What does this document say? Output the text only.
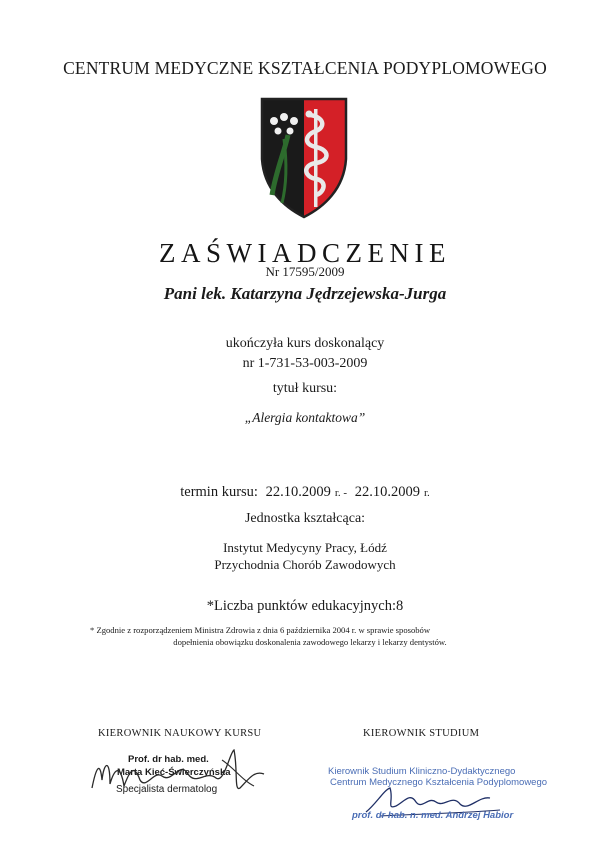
CENTRUM MEDYCZNE KSZTAŁCENIA PODYPLOMOWEGO
ZAŚWIADCZENIE
Nr 17595/2009
Pani lek. Katarzyna Jędrzejewska-Jurga
ukończyła kurs doskonalący
nr 1-731-53-003-2009
tytuł kursu:
„Alergia kontaktowa”
termin kursu: 22.10.2009 r. - 22.10.2009 r.
Jednostka kształcąca:
Instytut Medycyny Pracy, Łódź
Przychodnia Chorób Zawodowych
*Liczba punktów edukacyjnych:8
* Zgodnie z rozporządzeniem Ministra Zdrowia z dnia 6 października 2004 r. w sprawie sposobów
dopełnienia obowiązku doskonalenia zawodowego lekarzy i lekarzy dentystów.
KIEROWNIK NAUKOWY KURSU	KIEROWNIK STUDIUM
Prof. dr hab. med.
Marta Kieć-Świerczyńska
Specjalista dermatolog
Kierownik Studium Kliniczno-Dydaktycznego
Centrum Medycznego Kształcenia Podyplomowego
prof. dr hab. n. med. Andrzej Habior
